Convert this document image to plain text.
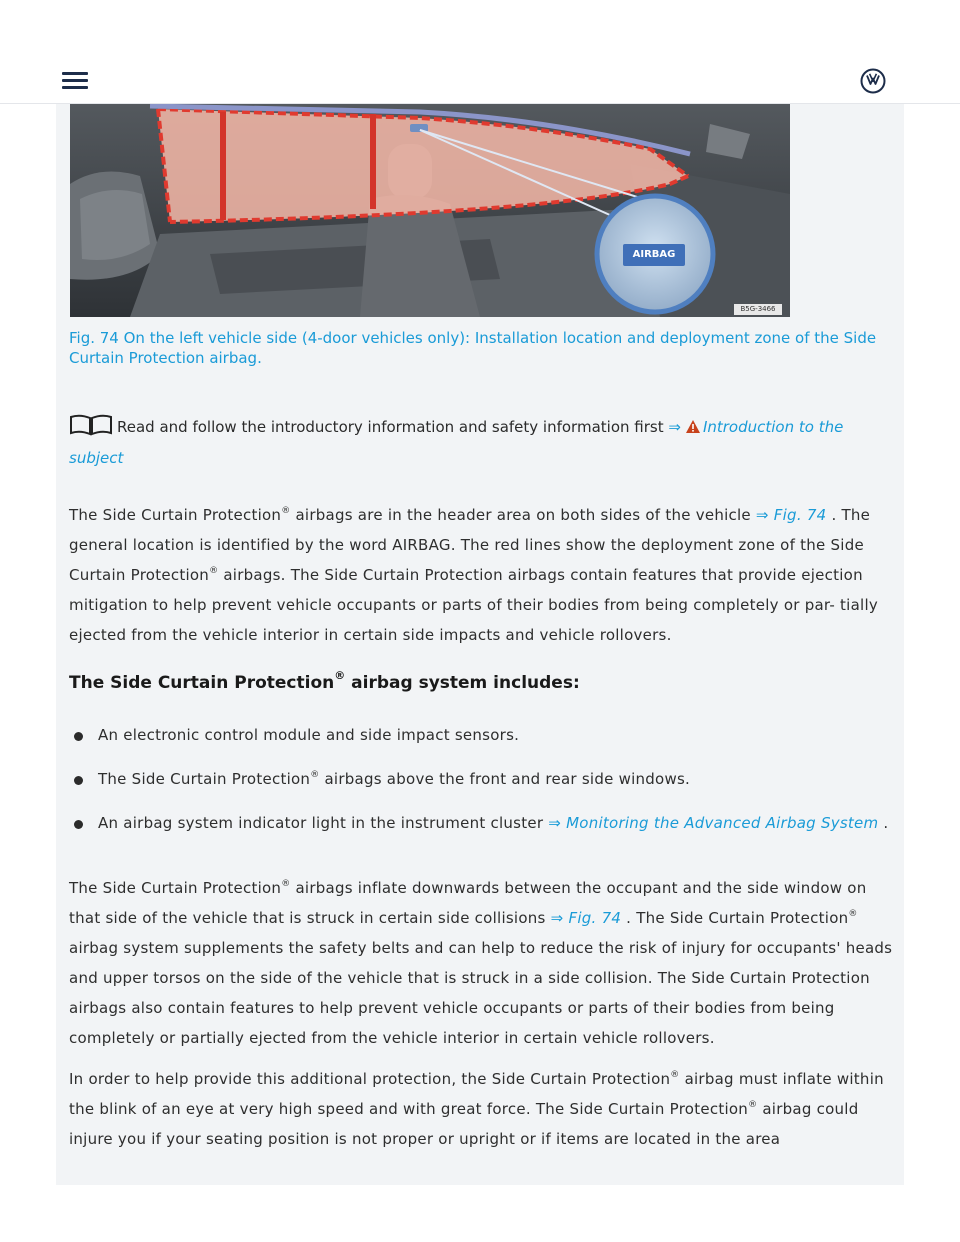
AIRBAG
B5G-3466
Fig. 74 On the left vehicle side (4-door vehicles only): Installation location and deployment zone of the Side Curtain Protection airbag.
Read and follow the introductory information and safety information first ⇒ Introduction to the subject
The Side Curtain Protection® airbags are in the header area on both sides of the vehicle ⇒ Fig. 74 . The general location is identified by the word AIRBAG. The red lines show the deployment zone of the Side Curtain Protection® airbags. The Side Curtain Protection airbags contain features that provide ejection mitigation to help prevent vehicle occupants or parts of their bodies from being completely or par- tially ejected from the vehicle interior in certain side impacts and vehicle rollovers.
The Side Curtain Protection® airbag system includes:
An electronic control module and side impact sensors.
The Side Curtain Protection® airbags above the front and rear side windows.
An airbag system indicator light in the instrument cluster ⇒ Monitoring the Advanced Airbag System .
The Side Curtain Protection® airbags inflate downwards between the occupant and the side window on that side of the vehicle that is struck in certain side collisions ⇒ Fig. 74 . The Side Curtain Protection® airbag system supplements the safety belts and can help to reduce the risk of injury for occupants' heads and upper torsos on the side of the vehicle that is struck in a side collision. The Side Curtain Protection airbags also contain features to help prevent vehicle occupants or parts of their bodies from being completely or partially ejected from the vehicle interior in certain vehicle rollovers.
In order to help provide this additional protection, the Side Curtain Protection® airbag must inflate within the blink of an eye at very high speed and with great force. The Side Curtain Protection® airbag could injure you if your seating position is not proper or upright or if items are located in the area
